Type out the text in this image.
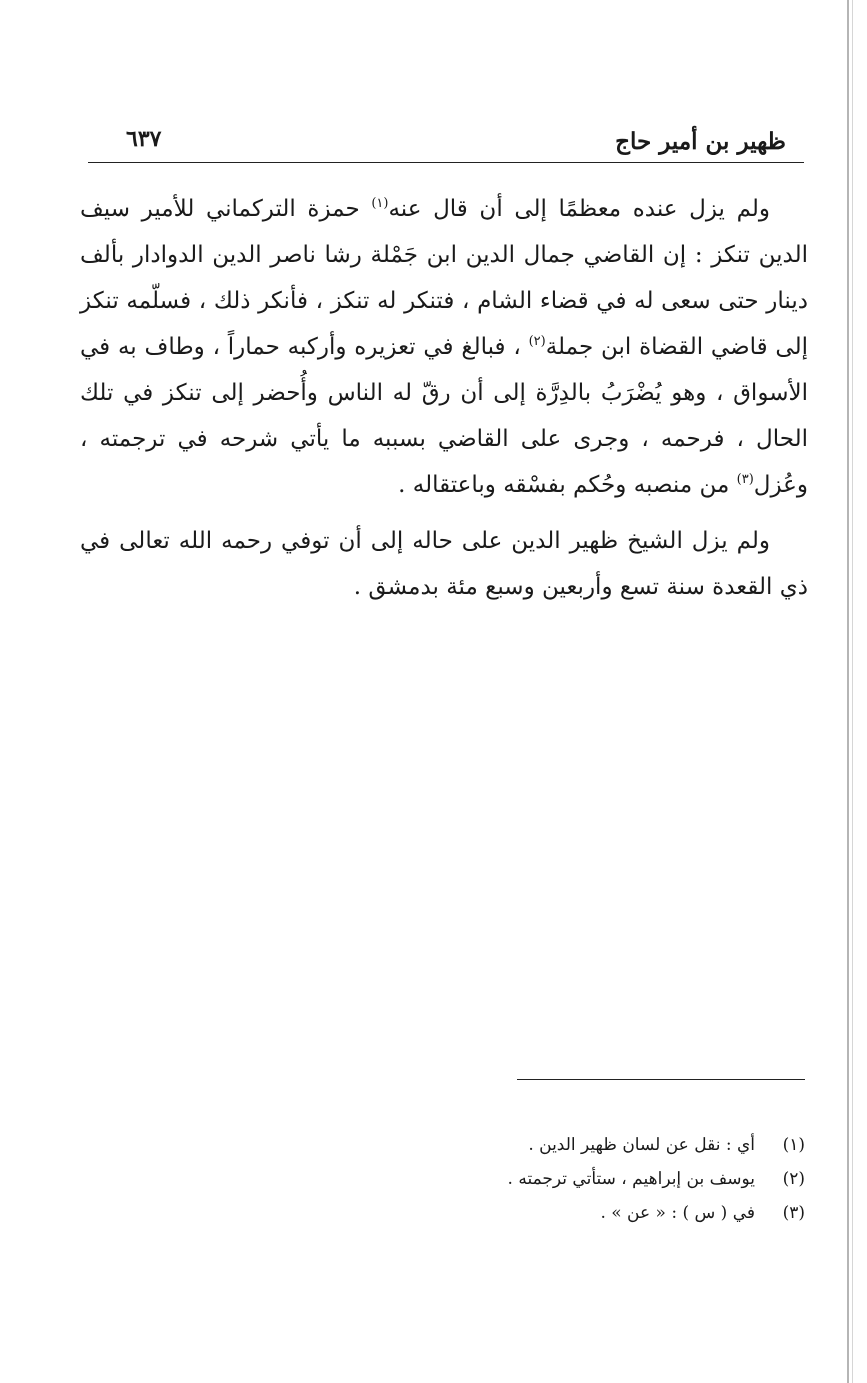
ظهير بن أمير حاج
٦٣٧

ولم يزل عنده معظمًا إلى أن قال عنه$^{(١)}$ حمزة التركماني للأمير سيف الدين تنكز : إن القاضي جمال الدين ابن جَمْلة رشا ناصر الدين الدوادار بألف دينار حتى سعى له في قضاء الشام ، فتنكر له تنكز ، فأنكر ذلك ، فسلّمه تنكز إلى قاضي القضاة ابن جملة$^{(٢)}$ ، فبالغ في تعزيره وأركبه حماراً ، وطاف به في الأسواق ، وهو يُضْرَبُ بالدِرَّة إلى أن رقّ له الناس وأُحضر إلى تنكز في تلك الحال ، فرحمه ، وجرى على القاضي بسببه ما يأتي شرحه في ترجمته ، وعُزل$^{(٣)}$ من منصبه وحُكم بفسْقه وباعتقاله .

ولم يزل الشيخ ظهير الدين على حاله إلى أن توفي رحمه الله تعالى في ذي القعدة سنة تسع وأربعين وسبع مئة بدمشق .

(١)
أي : نقل عن لسان ظهير الدين .
(٢)
يوسف بن إبراهيم ، ستأتي ترجمته .
(٣)
في ( س ) : « عن » .
